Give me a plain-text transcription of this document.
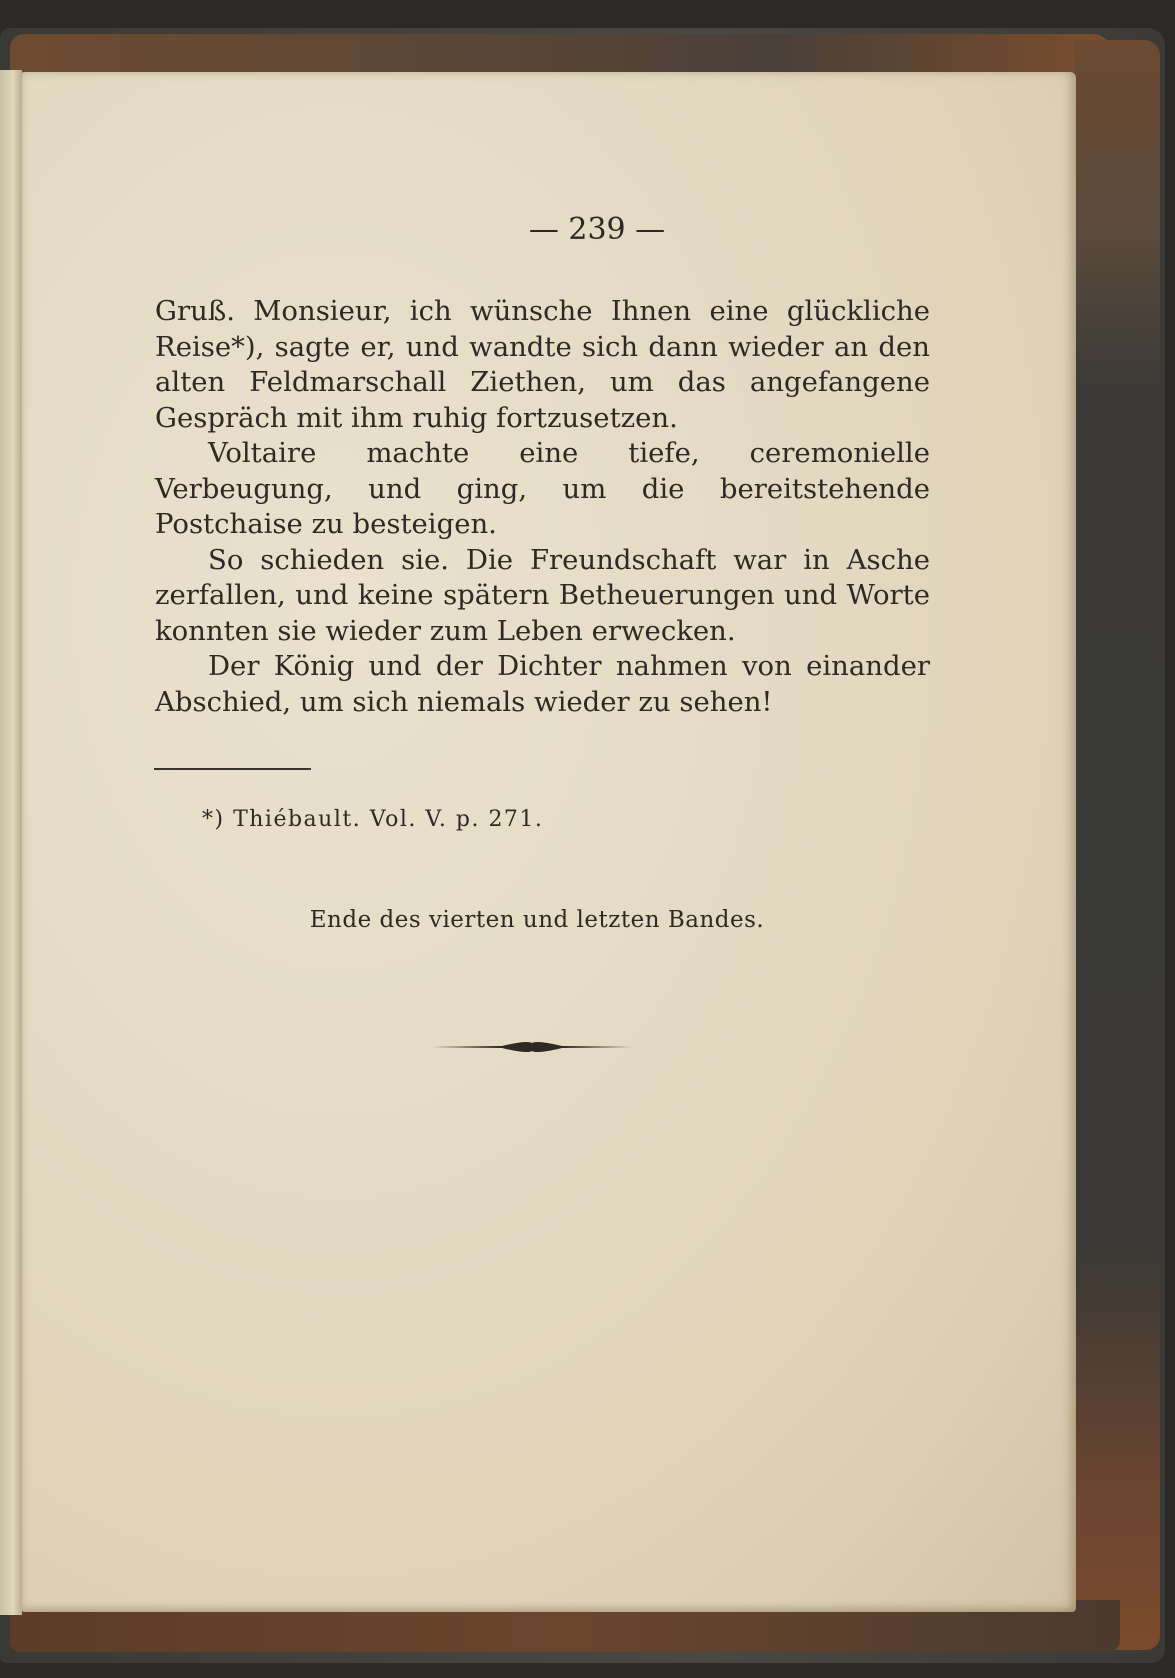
— 239 —

Gruß. Monsieur, ich wünsche Ihnen eine glückliche Reise*), sagte er, und wandte sich dann wieder an den alten Feldmarschall Ziethen, um das angefangene Gespräch mit ihm ruhig fortzusetzen.

Voltaire machte eine tiefe, ceremonielle Verbeugung, und ging, um die bereitstehende Postchaise zu besteigen.

So schieden sie. Die Freundschaft war in Asche zerfallen, und keine spätern Betheuerungen und Worte konnten sie wieder zum Leben erwecken.

Der König und der Dichter nahmen von einander Abschied, um sich niemals wieder zu sehen!

*) Thiébault. Vol. V. p. 271.
Ende des vierten und letzten Bandes.
